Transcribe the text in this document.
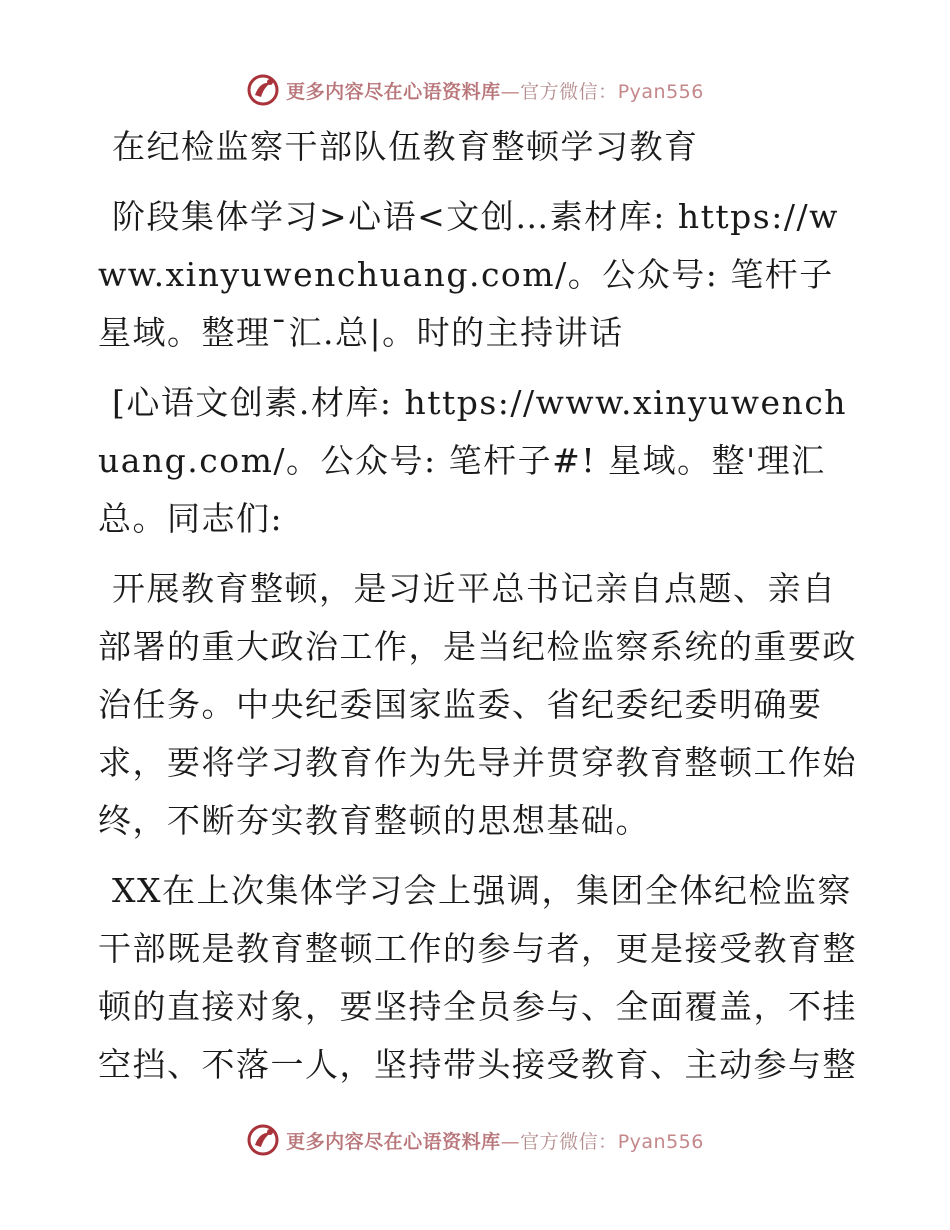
更多内容尽在心语资料库—官方微信：Pyan556

在纪检监察干部队伍教育整顿学习教育

阶段集体学习>心语<文创…素材库: https://www.xinyuwenchuang.com/。公众号: 笔杆子星域。整理¯汇.总|。时的主持讲话

[心语文创素.材库: https://www.xinyuwenchuang.com/。公众号: 笔杆子#! 星域。整'理汇总。同志们:

开展教育整顿，是习近平总书记亲自点题、亲自部署的重大政治工作，是当纪检监察系统的重要政治任务。中央纪委国家监委、省纪委纪委明确要求，要将学习教育作为先导并贯穿教育整顿工作始终，不断夯实教育整顿的思想基础。

XX在上次集体学习会上强调，集团全体纪检监察干部既是教育整顿工作的参与者，更是接受教育整顿的直接对象，要坚持全员参与、全面覆盖，不挂空挡、不落一人，坚持带头接受教育、主动参与整

更多内容尽在心语资料库—官方微信：Pyan556
